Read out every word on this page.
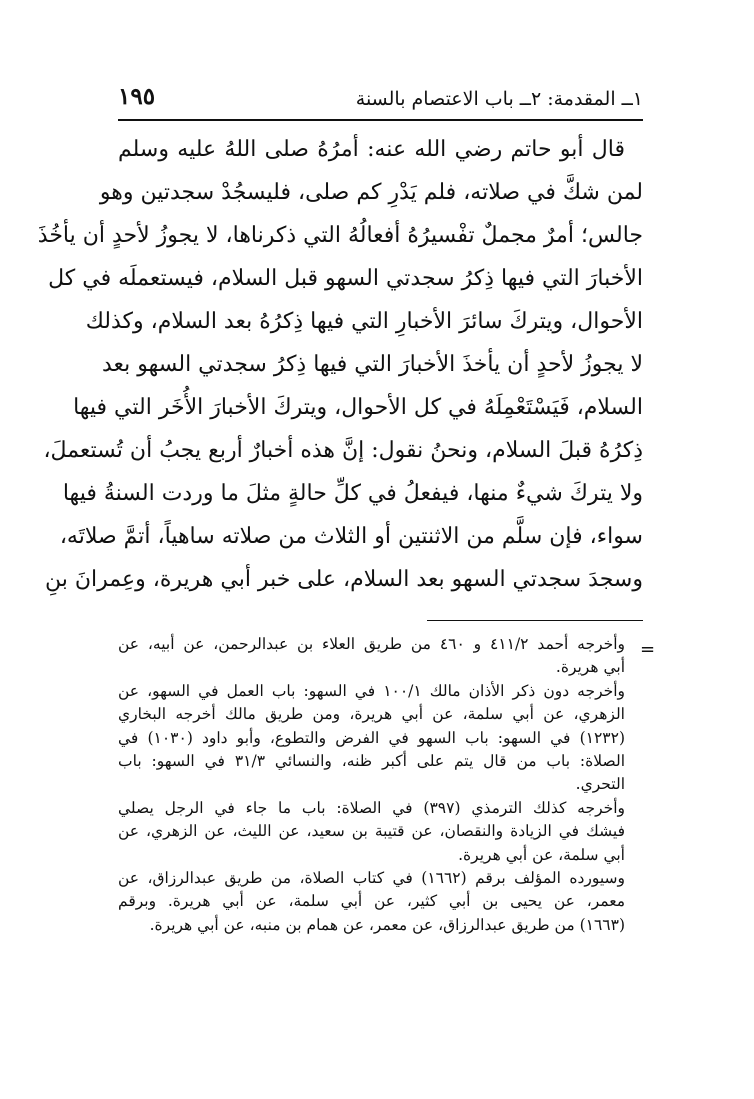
١٩٥	١ــ المقدمة: ٢ــ باب الاعتصام بالسنة
قال أبو حاتم رضي الله عنه: أمرُهُ صلى اللهُ عليه وسلم
لمن شكَّ في صلاته، فلم يَدْرِ كم صلى، فليسجُدْ سجدتين وهو
جالس؛ أمرٌ مجملٌ تفْسيرُهُ أفعالُهُ التي ذكرناها، لا يجوزُ لأحدٍ أن يأخُذَ
الأخبارَ التي فيها ذِكرُ سجدتي السهو قبل السلام، فيستعملَه في كل
الأحوال، ويتركَ سائرَ الأخبارِ التي فيها ذِكرُهُ بعد السلام، وكذلك
لا يجوزُ لأحدٍ أن يأخذَ الأخبارَ التي فيها ذِكرُ سجدتي السهو بعد
السلام، فَيَسْتَعْمِلَهُ في كل الأحوال، ويتركَ الأخبارَ الأُخَر التي فيها
ذِكرُهُ قبلَ السلام، ونحنُ نقول: إنَّ هذه أخبارٌ أربع يجبُ أن تُستعملَ،
ولا يتركَ شيءٌ منها، فيفعلُ في كلِّ حالةٍ مثلَ ما وردت السنةُ فيها
سواء، فإن سلَّم من الاثنتين أو الثلاث من صلاته ساهياً، أتمَّ صلاتَه،
وسجدَ سجدتي السهو بعد السلام، على خبر أبي هريرة، وعِمرانَ بنِ
=
وأخرجه أحمد ٤١١/٢ و ٤٦٠ من طريق العلاء بن عبدالرحمن، عن أبيه، عن
أبي هريرة.
وأخرجه دون ذكر الأذان مالك ١٠٠/١ في السهو: باب العمل في السهو، عن
الزهري، عن أبي سلمة، عن أبي هريرة، ومن طريق مالك أخرجه البخاري
(١٢٣٢) في السهو: باب السهو في الفرض والتطوع، وأبو داود (١٠٣٠) في
الصلاة: باب من قال يتم على أكبر ظنه، والنسائي ٣١/٣ في السهو: باب
التحري.
وأخرجه كذلك الترمذي (٣٩٧) في الصلاة: باب ما جاء في الرجل يصلي
فيشك في الزيادة والنقصان، عن قتيبة بن سعيد، عن الليث، عن الزهري، عن
أبي سلمة، عن أبي هريرة.
وسيورده المؤلف برقم (١٦٦٢) في كتاب الصلاة، من طريق عبدالرزاق، عن
معمر، عن يحيى بن أبي كثير، عن أبي سلمة، عن أبي هريرة. وبرقم
(١٦٦٣) من طريق عبدالرزاق، عن معمر، عن همام بن منبه، عن أبي هريرة.
